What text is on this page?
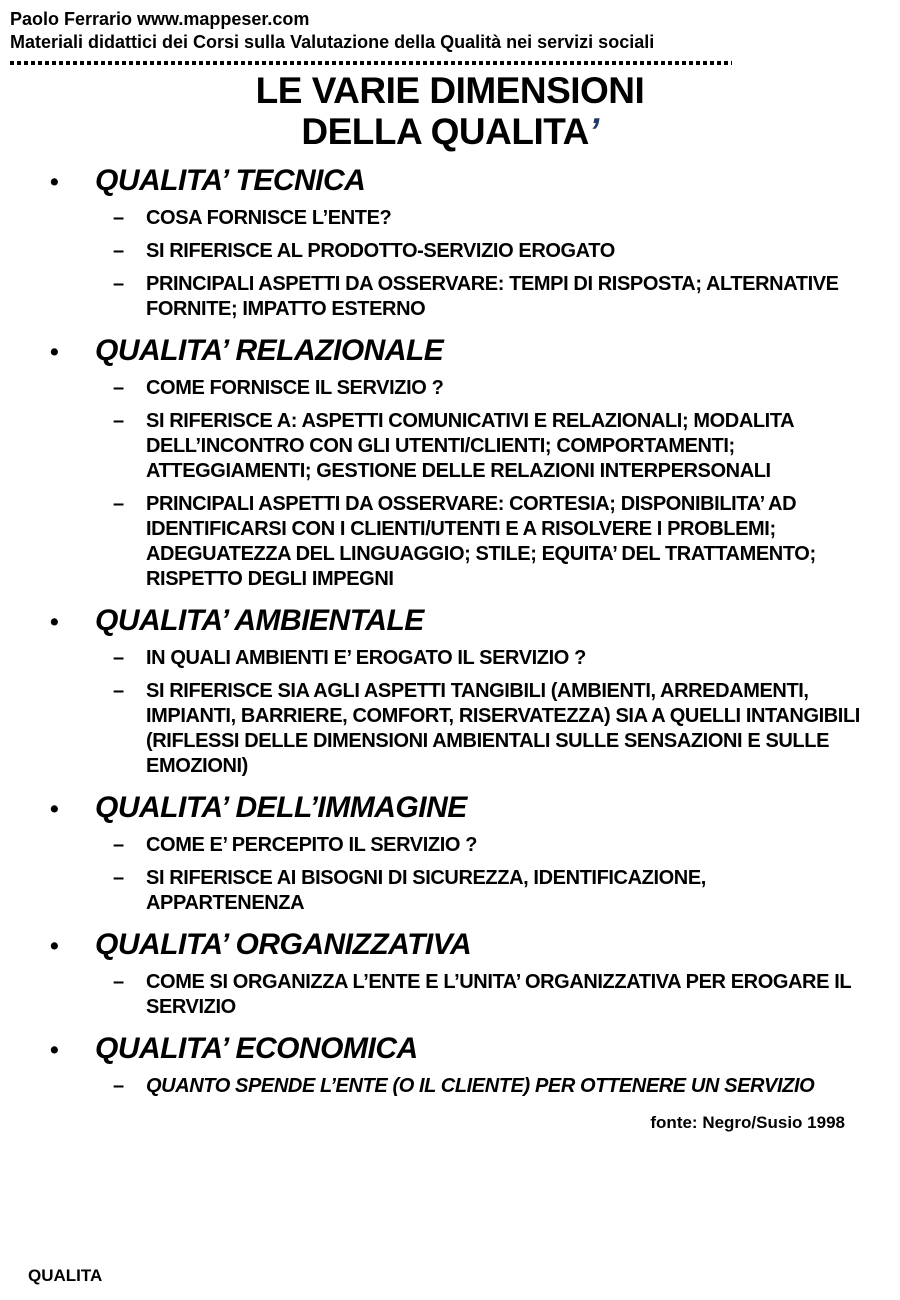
Paolo Ferrario www.mappeser.com
Materiali didattici dei Corsi sulla Valutazione della Qualità nei servizi sociali
LE VARIE DIMENSIONI
DELLA QUALITA’
•	QUALITA’ TECNICA
–	COSA FORNISCE L’ENTE?
–	SI RIFERISCE AL PRODOTTO-SERVIZIO EROGATO
–	PRINCIPALI ASPETTI DA OSSERVARE: TEMPI DI RISPOSTA; ALTERNATIVE FORNITE; IMPATTO ESTERNO
•	QUALITA’ RELAZIONALE
–	COME FORNISCE IL SERVIZIO ?
–	SI RIFERISCE A: ASPETTI COMUNICATIVI E RELAZIONALI; MODALITA DELL’INCONTRO CON GLI UTENTI/CLIENTI; COMPORTAMENTI; ATTEGGIAMENTI; GESTIONE DELLE RELAZIONI INTERPERSONALI
–	PRINCIPALI ASPETTI DA OSSERVARE: CORTESIA; DISPONIBILITA’ AD IDENTIFICARSI CON I CLIENTI/UTENTI E A RISOLVERE I PROBLEMI; ADEGUATEZZA DEL LINGUAGGIO; STILE; EQUITA’ DEL TRATTAMENTO; RISPETTO DEGLI IMPEGNI
•	QUALITA’ AMBIENTALE
–	IN QUALI AMBIENTI E’ EROGATO IL SERVIZIO ?
–	SI RIFERISCE SIA AGLI ASPETTI TANGIBILI (AMBIENTI, ARREDAMENTI, IMPIANTI, BARRIERE, COMFORT, RISERVATEZZA) SIA A QUELLI INTANGIBILI (RIFLESSI DELLE DIMENSIONI AMBIENTALI SULLE SENSAZIONI E SULLE EMOZIONI)
•	QUALITA’ DELL’IMMAGINE
–	COME E’ PERCEPITO IL SERVIZIO ?
–	SI RIFERISCE AI BISOGNI DI SICUREZZA, IDENTIFICAZIONE, APPARTENENZA
•	QUALITA’ ORGANIZZATIVA
–	COME SI ORGANIZZA L’ENTE E L’UNITA’ ORGANIZZATIVA PER EROGARE IL SERVIZIO
•	QUALITA’ ECONOMICA
–	QUANTO SPENDE L’ENTE (O IL CLIENTE) PER OTTENERE UN SERVIZIO
fonte: Negro/Susio 1998
QUALITA
